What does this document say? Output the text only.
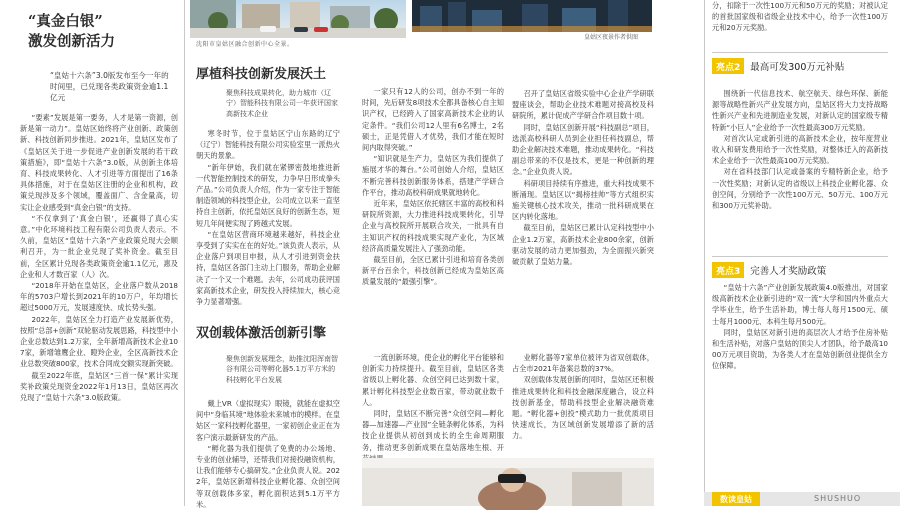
“真金白银”
激发创新活力
“皇姑十六条”3.0版发布至今一年的时间里，已兑现各类政策资金逾1.1亿元

“要素”发展是第一要务，人才是第一资源，创新是第一动力”。皇姑区始终将产业创新、政策创新、科技创新同步推进。2021年，皇姑区发布了《皇姑区关于进一步促进产业创新发展的若干政策措施》，即“皇姑十六条”3.0版，从创新主体培育、科技成果转化、人才引进等方面提出了16条具体措施，对于在皇姑区注册的企业和机构，政策兑现涉及多个领域，覆盖面广、含金量高，切实让企业感受到“真金白银”的支持。

“不仅拿到了‘真金白银’，还赢得了真心实意。”中化环境科技工程有限公司负责人表示。不久前，皇姑区“皇姑十六条”产业政策兑现大会顺利召开，为一批企业兑现了奖补资金。截至目前，全区累计兑现各类政策资金逾1.1亿元，惠及企业和人才数百家（人）次。

“2018年开始在皇姑区，企业落户数从2018年的5703户增长到2021年的10万户，年均增长超过5000万元，发展速度快、成长势头强。

2022年，皇姑区全力打造产业发展新优势，按照“总部+创新”双轮驱动发展思路，科技型中小企业总数达到1.2万家，全年新增高新技术企业107家，新增雏鹰企业、瞪羚企业，全区高新技术企业总数突破800家，技术合同成交额实现新突破。

截至2022年底，皇姑区“三首一保”累计实现奖补政策兑现资金2022年1月13日，皇姑区再次兑现了“皇姑十六条”3.0版政策。

沈阳市皇姑区融合创新中心全景。
皇姑区夜景作者供图
厚植科技创新发展沃土
聚焦科技成果转化，助力城市（辽宁）智能科技有限公司一年获评国家高新技术企业

寒冬时节，位于皇姑区宁山东路的辽宁（辽宁）智能科技有限公司实验室里一派热火朝天的景象。

“新年伊始，我们就在紧锣密鼓地推进新一代智能控制技术的研发，力争早日形成拳头产品。”公司负责人介绍，作为一家专注于智能制造领域的科技型企业，公司成立以来一直坚持自主创新，依托皇姑区良好的创新生态，短短几年间便实现了跨越式发展。

“在皇姑区营商环境越来越好，科技企业享受到了实实在在的好处。”该负责人表示，从企业落户到项目申报，从人才引进到资金扶持，皇姑区各部门主动上门服务，帮助企业解决了一个又一个难题。去年，公司成功获评国家高新技术企业，研发投入持续加大，核心竞争力显著增强。

一家只有12人的公司，创办不到一年的时间，先后研发8项技术全都具备核心自主知识产权，已经跨入了国家高新技术企业的认定条件。“我们公司12人里有6名博士，2名硕士，正是凭借人才优势，我们才能在短时间内取得突破。”

“知识就是生产力，皇姑区为我们提供了施展才华的舞台。”公司创始人介绍，皇姑区不断完善科技创新服务体系，搭建产学研合作平台，推动高校科研成果就地转化。

近年来，皇姑区依托辖区丰富的高校和科研院所资源，大力推进科技成果转化，引导企业与高校院所开展联合攻关，一批具有自主知识产权的科技成果实现产业化，为区域经济高质量发展注入了强劲动能。

截至目前，全区已累计引进和培育各类创新平台百余个，科技创新已经成为皇姑区高质量发展的“最强引擎”。

召开了皇姑区省级实验中心企业产学研联盟座谈会，帮助企业技术难题对接高校及科研院所，累计促成产学研合作项目数十项。

同时，皇姑区创新开展“科技副总”项目，选派高校科研人员到企业担任科技副总，帮助企业解决技术难题，推动成果转化。“科技副总带来的不仅是技术，更是一种创新的理念。”企业负责人说。

科研项目持续有序推进，重大科技成果不断涌现。皇姑区以“揭榜挂帅”等方式组织实施关键核心技术攻关，推动一批科研成果在区内转化落地。

截至目前，皇姑区已累计认定科技型中小企业1.2万家，高新技术企业800余家，创新驱动发展的动力更加强劲，为全面振兴新突破贡献了皇姑力量。

双创载体激活创新引擎
聚焦创新发展理念，助推沈阳浑南智谷有限公司等孵化器5.1万平方米的科技孵化平台发展

戴上VR（虚拟现实）眼镜，就能在虚拟空间中“身临其境”地体验未来城市的模样。在皇姑区一家科技孵化器里，一家初创企业正在为客户演示最新研发的产品。

“孵化器为我们提供了免费的办公场地、专业的创业辅导，还帮我们对接投融资机构，让我们能够专心搞研发。”企业负责人说。2022年，皇姑区新增科技企业孵化器、众创空间等双创载体多家，孵化面积达到5.1万平方米。

一流创新环境，使企业的孵化平台能够和创新实力持续提升。截至目前，皇姑区各类省级以上孵化器、众创空间已达到数十家，累计孵化科技型企业数百家，带动就业数千人。

同时，皇姑区不断完善“众创空间—孵化器—加速器—产业园”全链条孵化体系，为科技企业提供从初创到成长的全生命周期服务，推动更多创新成果在皇姑落地生根、开

业孵化器等7家单位被评为省双创载体，占全市2021年备案总数的37%。

双创载体发展创新的同时，皇姑区还积极推进成果转化和科技金融深度融合，设立科技创新基金，帮助科技型企业解决融资难题。“孵化器+创投”模式助力一批优质项目快速成长，为区域创新发展增添了新的活力。

分，扣除于一次性100万元和50万元的奖励；对被认定的首批国家级和省级企业技术中心，给予一次性100万元和20万元奖励。
亮点2	最高可发300万元补贴

围绕新一代信息技术、航空航天、绿色环保、新能源等战略性新兴产业发展方向，皇姑区将大力支持战略性新兴产业和先进制造业发展，对新认定的国家级专精特新“小巨人”企业给予一次性最高300万元奖励。

对首次认定或新引进的高新技术企业，按年度营业收入和研发费用给予一次性奖励，对整体迁入的高新技术企业给予一次性最高100万元奖励。

对在省科技部门认定或备案的专精特新企业，给予一次性奖励；对新认定的省级以上科技企业孵化器、众创空间，分别给予一次性100万元、50万元、100万元和300万元奖补助。

亮点3	完善人才奖励政策

“皇姑十六条”产业创新发展政策4.0版推出，对国家级高新技术企业新引进的“双一流”大学和国内外重点大学毕业生，给予生活补助，博士每人每月1500元、硕士每月1000元、本科生每月500元。

同时，皇姑区对新引进的高层次人才给予住房补贴和生活补贴，对落户皇姑的顶尖人才团队，给予最高1000万元项目资助，为各类人才在皇姑创新创业提供全方位保障。

数读皇姑	SHUSHUO
